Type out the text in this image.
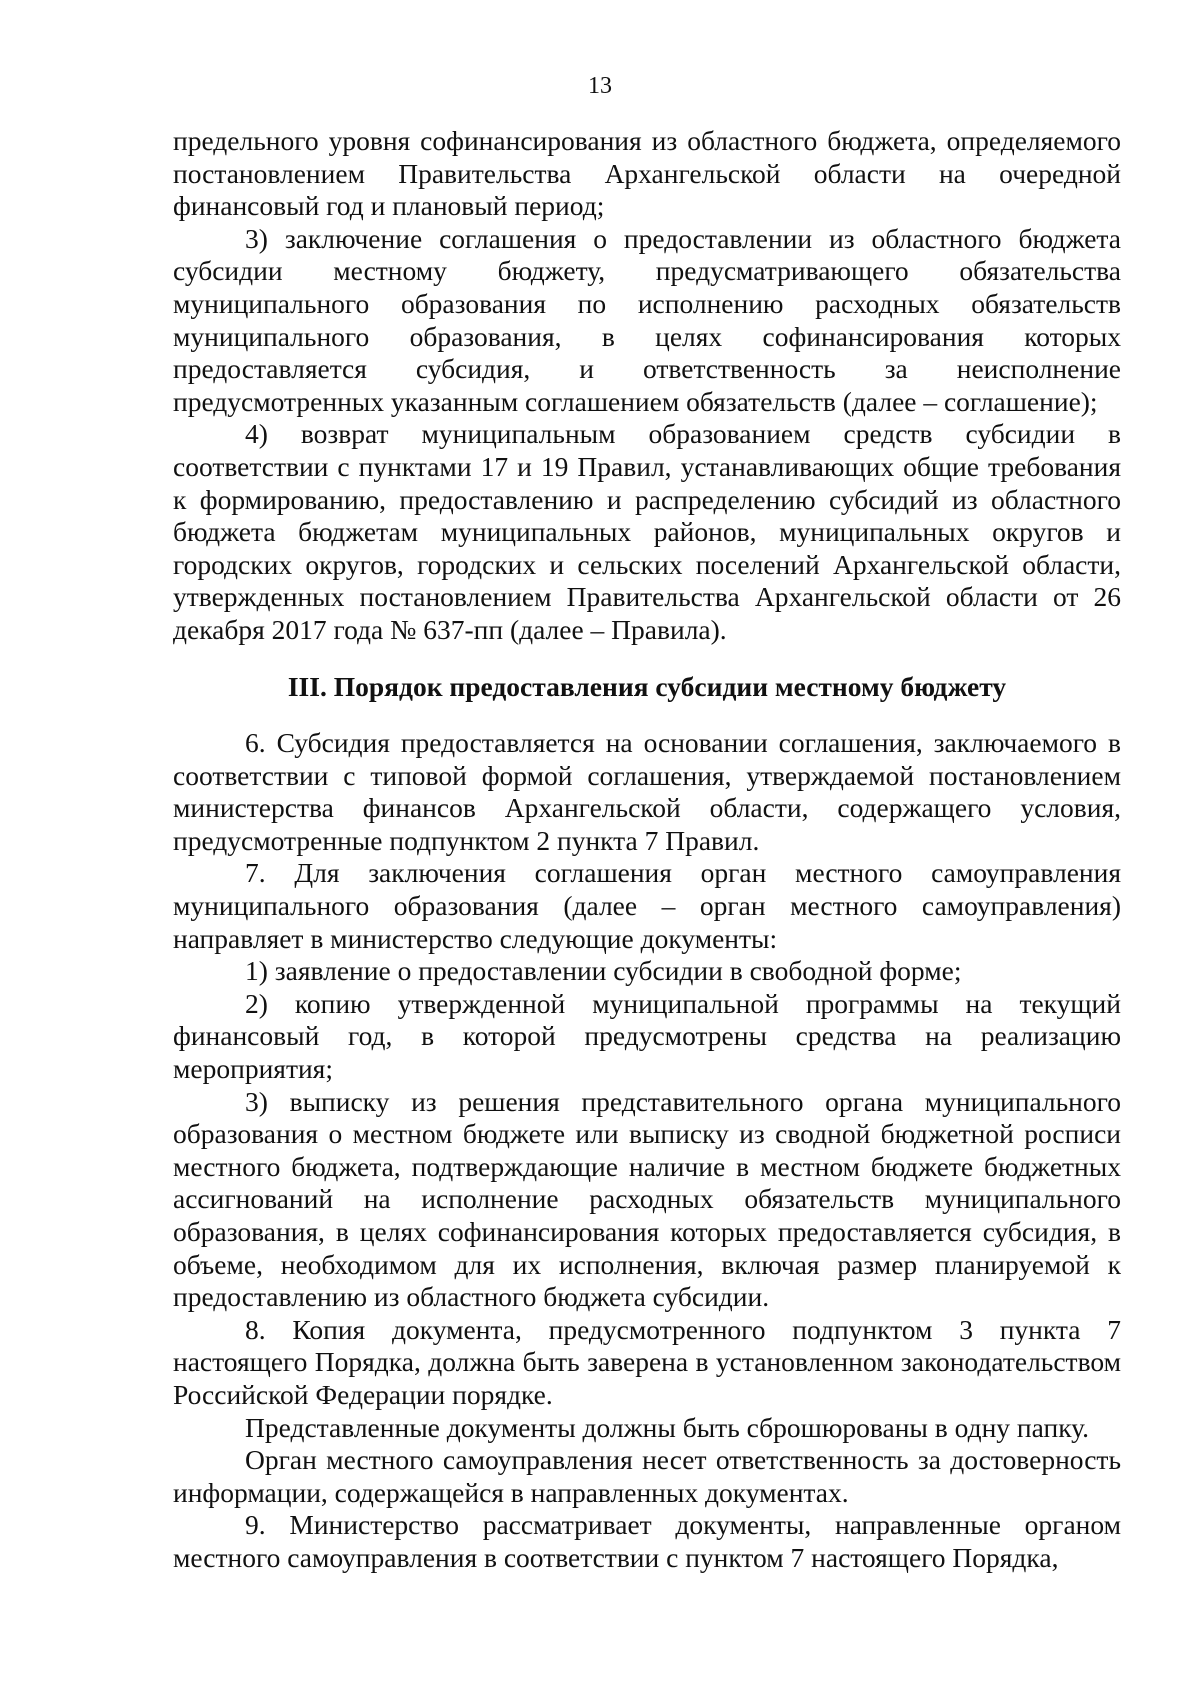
13

предельного уровня софинансирования из областного бюджета, определяемого постановлением Правительства Архангельской области на очередной финансовый год и плановый период;

3) заключение соглашения о предоставлении из областного бюджета субсидии местному бюджету, предусматривающего обязательства муниципального образования по исполнению расходных обязательств муниципального образования, в целях софинансирования которых предоставляется субсидия, и ответственность за неисполнение предусмотренных указанным соглашением обязательств (далее – соглашение);

4) возврат муниципальным образованием средств субсидии в соответствии с пунктами 17 и 19 Правил, устанавливающих общие требования к формированию, предоставлению и распределению субсидий из областного бюджета бюджетам муниципальных районов, муниципальных округов и городских округов, городских и сельских поселений Архангельской области, утвержденных постановлением Правительства Архангельской области от 26 декабря 2017 года № 637-пп (далее – Правила).

III. Порядок предоставления субсидии местному бюджету

6. Субсидия предоставляется на основании соглашения, заключаемого в соответствии с типовой формой соглашения, утверждаемой постановлением министерства финансов Архангельской области, содержащего условия, предусмотренные подпунктом 2 пункта 7 Правил.

7. Для заключения соглашения орган местного самоуправления муниципального образования (далее – орган местного самоуправления) направляет в министерство следующие документы:

1) заявление о предоставлении субсидии в свободной форме;

2) копию утвержденной муниципальной программы на текущий финансовый год, в которой предусмотрены средства на реализацию мероприятия;

3) выписку из решения представительного органа муниципального образования о местном бюджете или выписку из сводной бюджетной росписи местного бюджета, подтверждающие наличие в местном бюджете бюджетных ассигнований на исполнение расходных обязательств муниципального образования, в целях софинансирования которых предоставляется субсидия, в объеме, необходимом для их исполнения, включая размер планируемой к предоставлению из областного бюджета субсидии.

8. Копия документа, предусмотренного подпунктом 3 пункта 7 настоящего Порядка, должна быть заверена в установленном законодательством Российской Федерации порядке.

Представленные документы должны быть сброшюрованы в одну папку.

Орган местного самоуправления несет ответственность за достоверность информации, содержащейся в направленных документах.

9. Министерство рассматривает документы, направленные органом местного самоуправления в соответствии с пунктом 7 настоящего Порядка,
